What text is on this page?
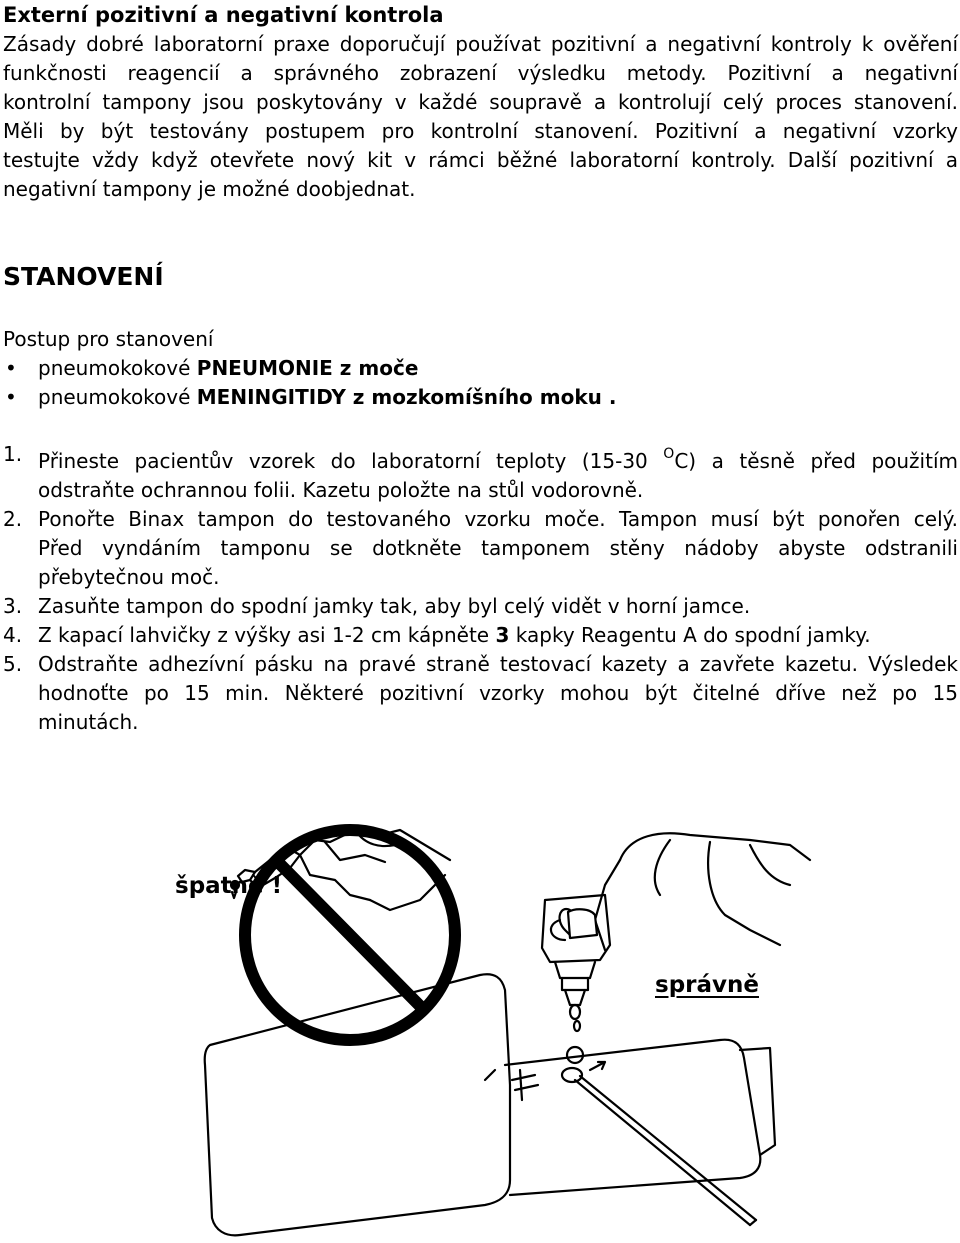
Externí pozitivní a negativní kontrola
Zásady dobré laboratorní praxe doporučují používat pozitivní a negativní kontroly k ověření
funkčnosti reagencií a správného zobrazení výsledku metody. Pozitivní a negativní
kontrolní tampony jsou poskytovány v každé soupravě a kontrolují celý proces stanovení.
Měli by být testovány postupem pro kontrolní stanovení. Pozitivní a negativní vzorky
testujte vždy když otevřete nový kit v rámci běžné laboratorní kontroly. Další pozitivní a
negativní tampony je možné doobjednat.
STANOVENÍ
Postup pro stanovení
• pneumokokové PNEUMONIE z moče
• pneumokokové MENINGITIDY z mozkomíšního moku .
1. Přineste pacientův vzorek do laboratorní teploty (15-30 $^O$C) a těsně před použitím
odstraňte ochrannou folii. Kazetu položte na stůl vodorovně.
2. Ponořte Binax tampon do testovaného vzorku moče. Tampon musí být ponořen celý.
Před vyndáním tamponu se dotkněte tamponem stěny nádoby abyste odstranili
přebytečnou moč.
3. Zasuňte tampon do spodní jamky tak, aby byl celý vidět v horní jamce.
4. Z kapací lahvičky z výšky asi 1-2 cm kápněte 3 kapky Reagentu A do spodní jamky.
5. Odstraňte adhezívní pásku na pravé straně testovací kazety a zavřete kazetu. Výsledek
hodnoťte po 15 min. Některé pozitivní vzorky mohou být čitelné dříve než po 15
minutách.
špatně !
správně
